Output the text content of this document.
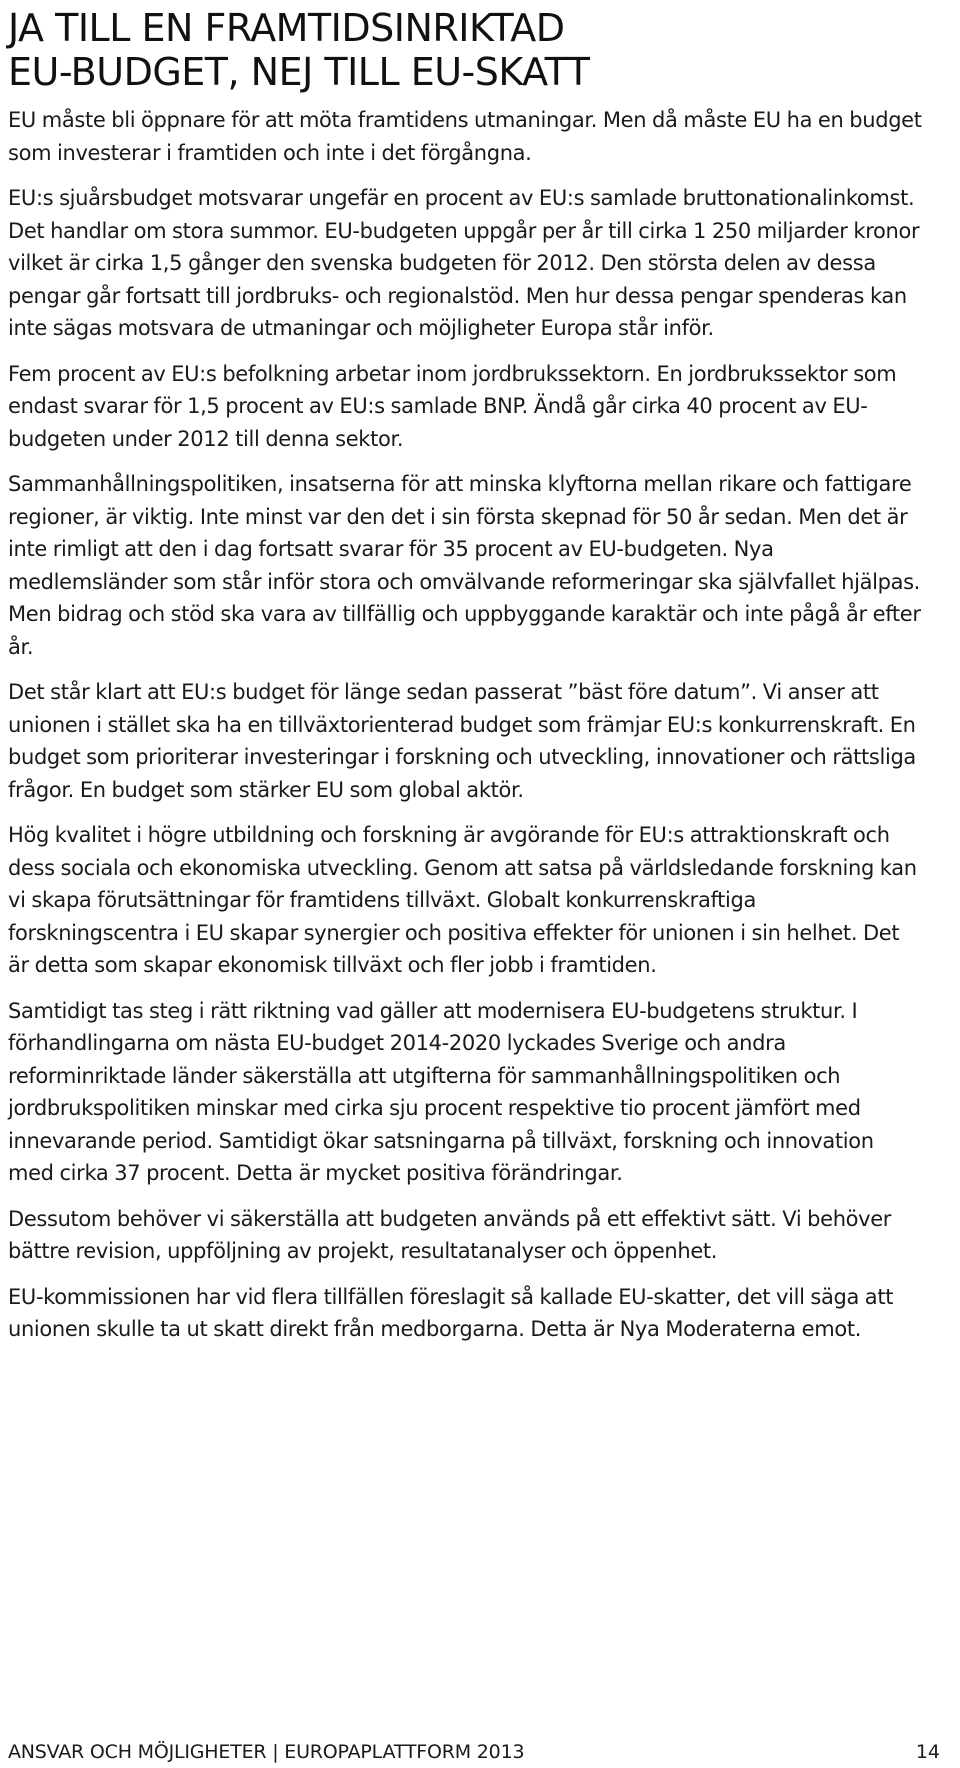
JA TILL EN FRAMTIDSINRIKTAD
EU-BUDGET, NEJ TILL EU-SKATT

EU måste bli öppnare för att möta framtidens utmaningar. Men då måste EU ha en budget som investerar i framtiden och inte i det förgångna.

EU:s sjuårsbudget motsvarar ungefär en procent av EU:s samlade bruttonationalinkomst. Det handlar om stora summor. EU-budgeten uppgår per år till cirka 1 250 miljarder kronor vilket är cirka 1,5 gånger den svenska budgeten för 2012. Den största delen av dessa pengar går fortsatt till jordbruks- och regionalstöd. Men hur dessa pengar spenderas kan inte sägas motsvara de utmaningar och möjligheter Europa står inför.

Fem procent av EU:s befolkning arbetar inom jordbrukssektorn. En jordbrukssektor som endast svarar för 1,5 procent av EU:s samlade BNP. Ändå går cirka 40 procent av EU-budgeten under 2012 till denna sektor.

Sammanhållningspolitiken, insatserna för att minska klyftorna mellan rikare och fattigare regioner, är viktig. Inte minst var den det i sin första skepnad för 50 år sedan. Men det är inte rimligt att den i dag fortsatt svarar för 35 procent av EU-budgeten. Nya medlemsländer som står inför stora och omvälvande reformeringar ska självfallet hjälpas. Men bidrag och stöd ska vara av tillfällig och uppbyggande karaktär och inte pågå år efter år.

Det står klart att EU:s budget för länge sedan passerat ”bäst före datum”. Vi anser att unionen i stället ska ha en tillväxtorienterad budget som främjar EU:s konkurrenskraft. En budget som prioriterar investeringar i forskning och utveckling, innovationer och rättsliga frågor. En budget som stärker EU som global aktör.

Hög kvalitet i högre utbildning och forskning är avgörande för EU:s attraktionskraft och dess sociala och ekonomiska utveckling. Genom att satsa på världsledande forskning kan vi skapa förutsättningar för framtidens tillväxt. Globalt konkurrenskraftiga forskningscentra i EU skapar synergier och positiva effekter för unionen i sin helhet. Det är detta som skapar ekonomisk tillväxt och fler jobb i framtiden.

Samtidigt tas steg i rätt riktning vad gäller att modernisera EU-budgetens struktur. I förhandlingarna om nästa EU-budget 2014-2020 lyckades Sverige och andra reforminriktade länder säkerställa att utgifterna för sammanhållningspolitiken och jordbrukspolitiken minskar med cirka sju procent respektive tio procent jämfört med innevarande period. Samtidigt ökar satsningarna på tillväxt, forskning och innovation med cirka 37 procent. Detta är mycket positiva förändringar.

Dessutom behöver vi säkerställa att budgeten används på ett effektivt sätt. Vi behöver bättre revision, uppföljning av projekt, resultatanalyser och öppenhet.

EU-kommissionen har vid flera tillfällen föreslagit så kallade EU-skatter, det vill säga att unionen skulle ta ut skatt direkt från medborgarna. Detta är Nya Moderaterna emot.

ANSVAR OCH MÖJLIGHETER | EUROPAPLATTFORM 2013	14
